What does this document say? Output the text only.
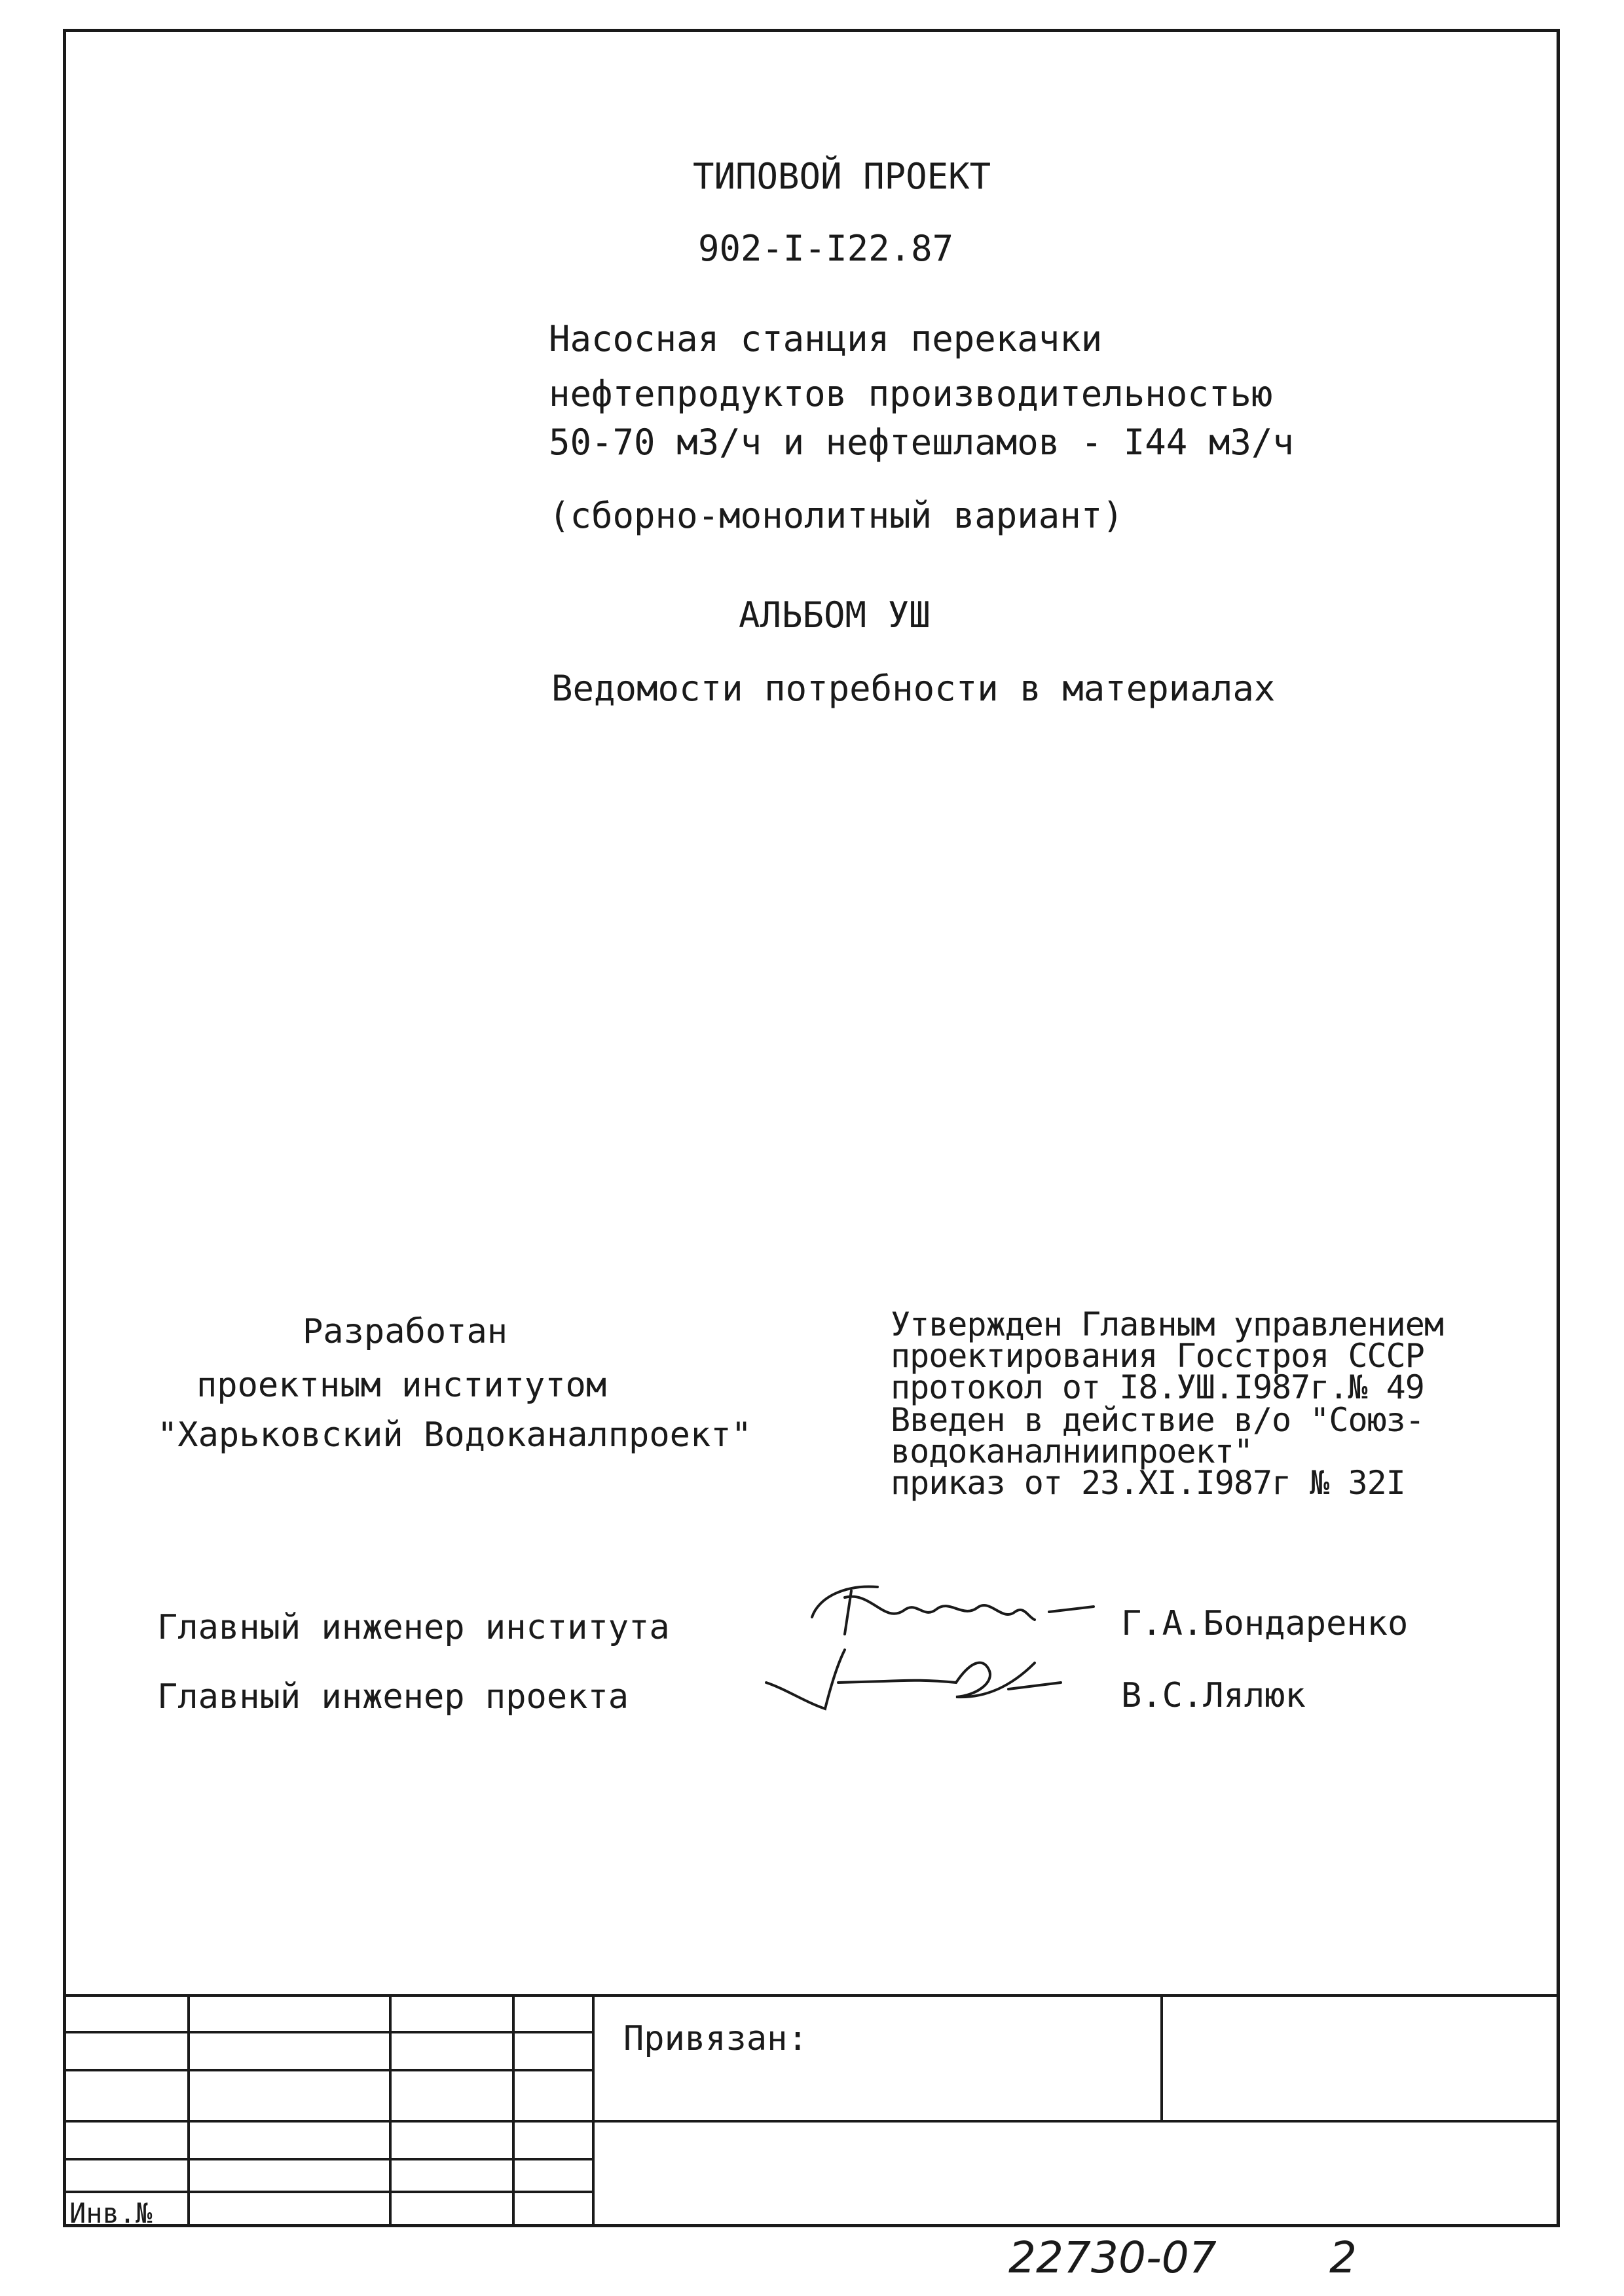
ТИПОВОЙ ПРОЕКТ
902-I-I22.87
Насосная станция перекачки
нефтепродуктов производительностью
50-70 м3/ч и нефтешламов - I44 м3/ч
(сборно-монолитный вариант)
АЛЬБОМ УШ
Ведомости потребности в материалах
Разработан
проектным институтом
"Харьковский Водоканалпроект"
Утвержден Главным управлением
проектирования Госстроя СССР
протокол от I8.УШ.I987г.№ 49
Введен в действие в/о "Союз-
водоканалниипроект"
приказ от 23.XI.I987г № 32I
Главный инженер института	Г.А.Бондаренко
Главный инженер проекта	В.С.Лялюк
Привязан:
Инв.№
22730-07	2
